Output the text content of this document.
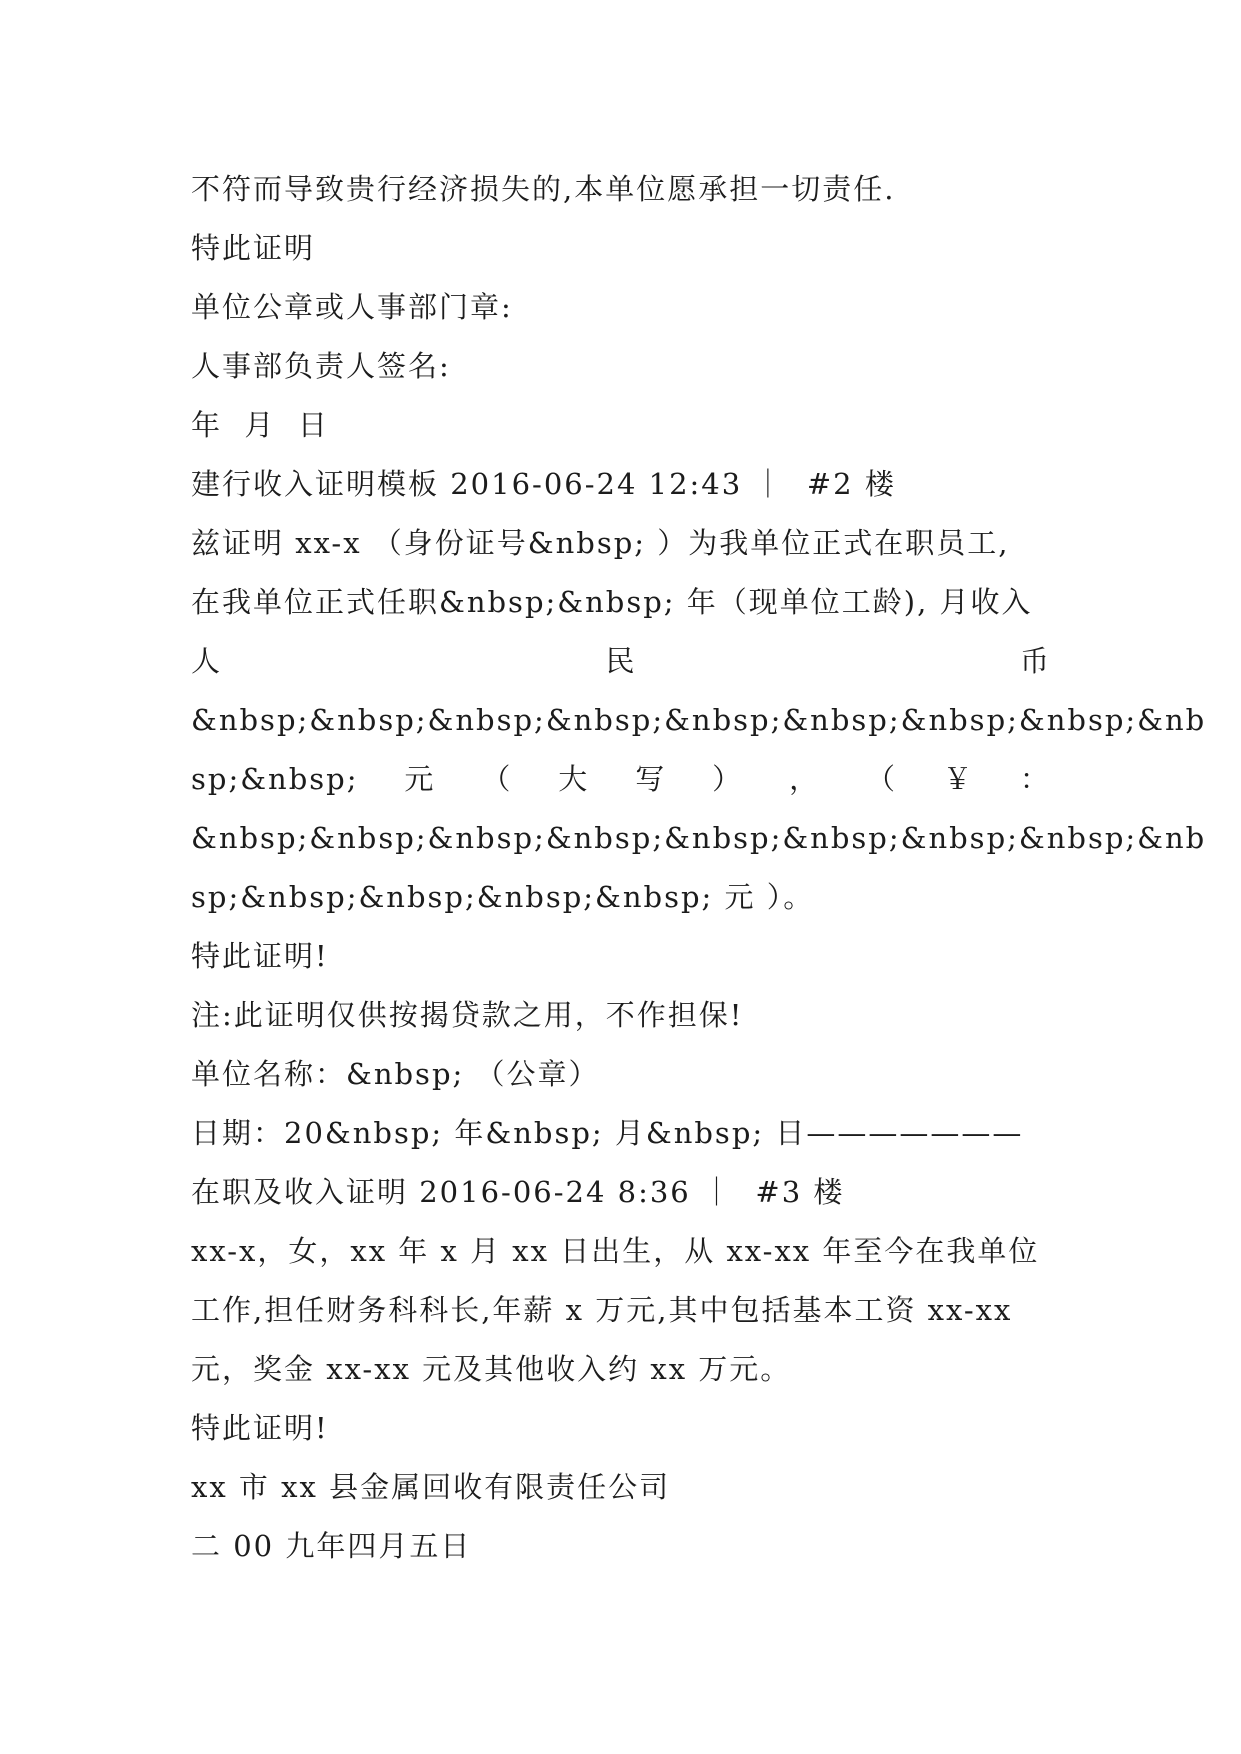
不符而导致贵行经济损失的,本单位愿承担一切责任.
特此证明
单位公章或人事部门章:
人事部负责人签名:
年  月  日
建行收入证明模板 2016-06-24 12:43 ｜  #2 楼
兹证明 xx-x （身份证号&nbsp; ）为我单位正式在职员工,
在我单位正式任职&nbsp;&nbsp; 年（现单位工龄), 月收入
人	民	币
&nbsp;&nbsp;&nbsp;&nbsp;&nbsp;&nbsp;&nbsp;&nbsp;&nb
sp;&nbsp; 元 （ 大 写 ） ， （ ￥ ：
&nbsp;&nbsp;&nbsp;&nbsp;&nbsp;&nbsp;&nbsp;&nbsp;&nb
sp;&nbsp;&nbsp;&nbsp;&nbsp; 元 ）。
特此证明!
注:此证明仅供按揭贷款之用，不作担保!
单位名称：&nbsp; （公章）
日期：20&nbsp; 年&nbsp; 月&nbsp; 日———————
在职及收入证明 2016-06-24 8:36 ｜  #3 楼
xx-x，女，xx 年 x 月 xx 日出生，从 xx-xx 年至今在我单位
工作,担任财务科科长,年薪 x 万元,其中包括基本工资 xx-xx
元，奖金 xx-xx 元及其他收入约 xx 万元。
特此证明!
xx 市 xx 县金属回收有限责任公司
二 00 九年四月五日
